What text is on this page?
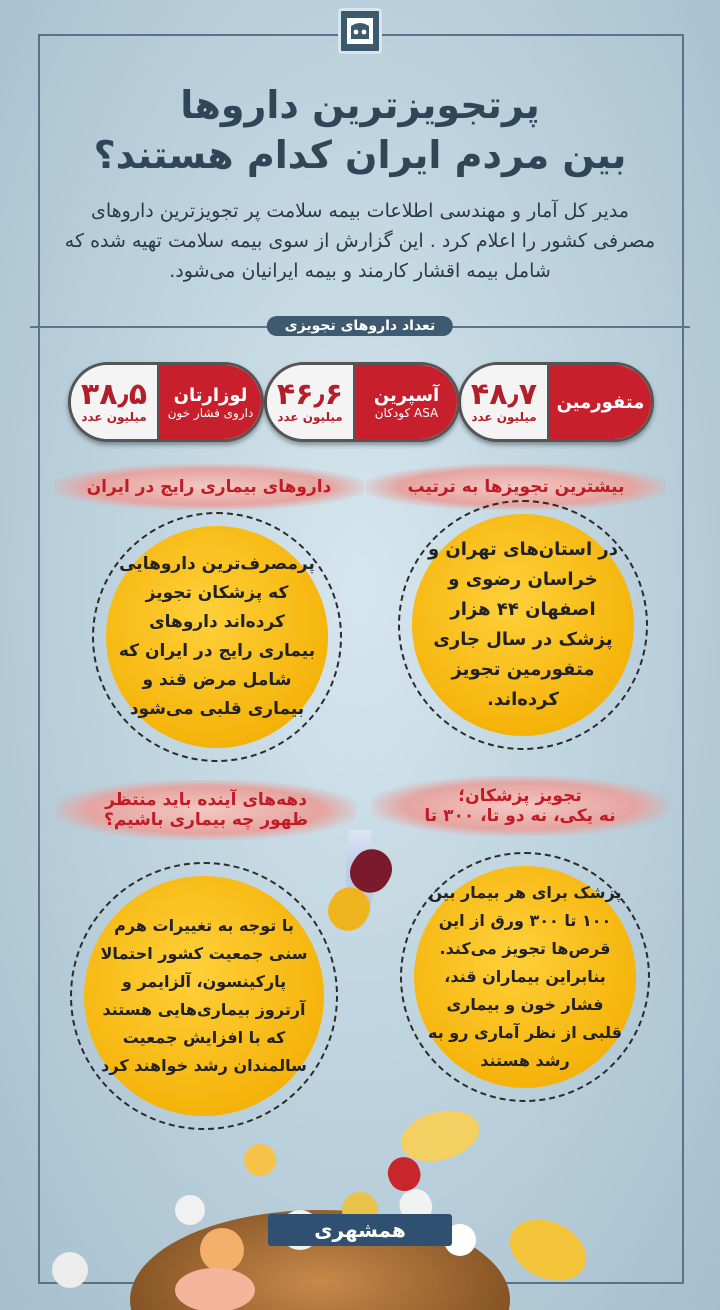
پرتجویزترین داروها
بین مردم ایران کدام هستند؟
مدیر کل آمار و مهندسی اطلاعات بیمه سلامت پر تجویزترین داروهای مصرفی کشور را اعلام کرد . این گزارش از سوی بیمه سلامت تهیه شده که شامل بیمه اقشار کارمند و بیمه ایرانیان می‌شود.
تعداد داروهای تجویزی
۴۸٫۷
میلیون عدد
متفورمین
۴۶٫۶
میلیون عدد
آسپرین
کودکان ASA
۳۸٫۵
میلیون عدد
لوزارتان
داروی فشار خون
بیشترین تجویزها به ترتیب
داروهای بیماری رایج در ایران
تجویز پزشکان؛
نه یکی، نه دو تا، ۳۰۰ تا
دهه‌های آینده باید منتظر
ظهور چه بیماری باشیم؟
در استان‌های تهران و خراسان رضوی و اصفهان ۴۴ هزار پزشک در سال جاری متفورمین تجویز کرده‌اند.
پرمصرف‌ترین داروهایی که پزشکان تجویز کرده‌اند داروهای بیماری رایج در ایران که شامل مرض قند و بیماری قلبی می‌شود
پزشک برای هر بیمار بین ۱۰۰ تا ۳۰۰ ورق از این قرص‌ها تجویز می‌کند. بنابراین بیماران قند، فشار خون و بیماری قلبی از نظر آماری رو به رشد هستند
با توجه به تغییرات هرم سنی جمعیت کشور احتمالا پارکینسون، آلزایمر و آرتروز بیماری‌هایی هستند که با افزایش جمعیت سالمندان رشد خواهند کرد
همشهری
